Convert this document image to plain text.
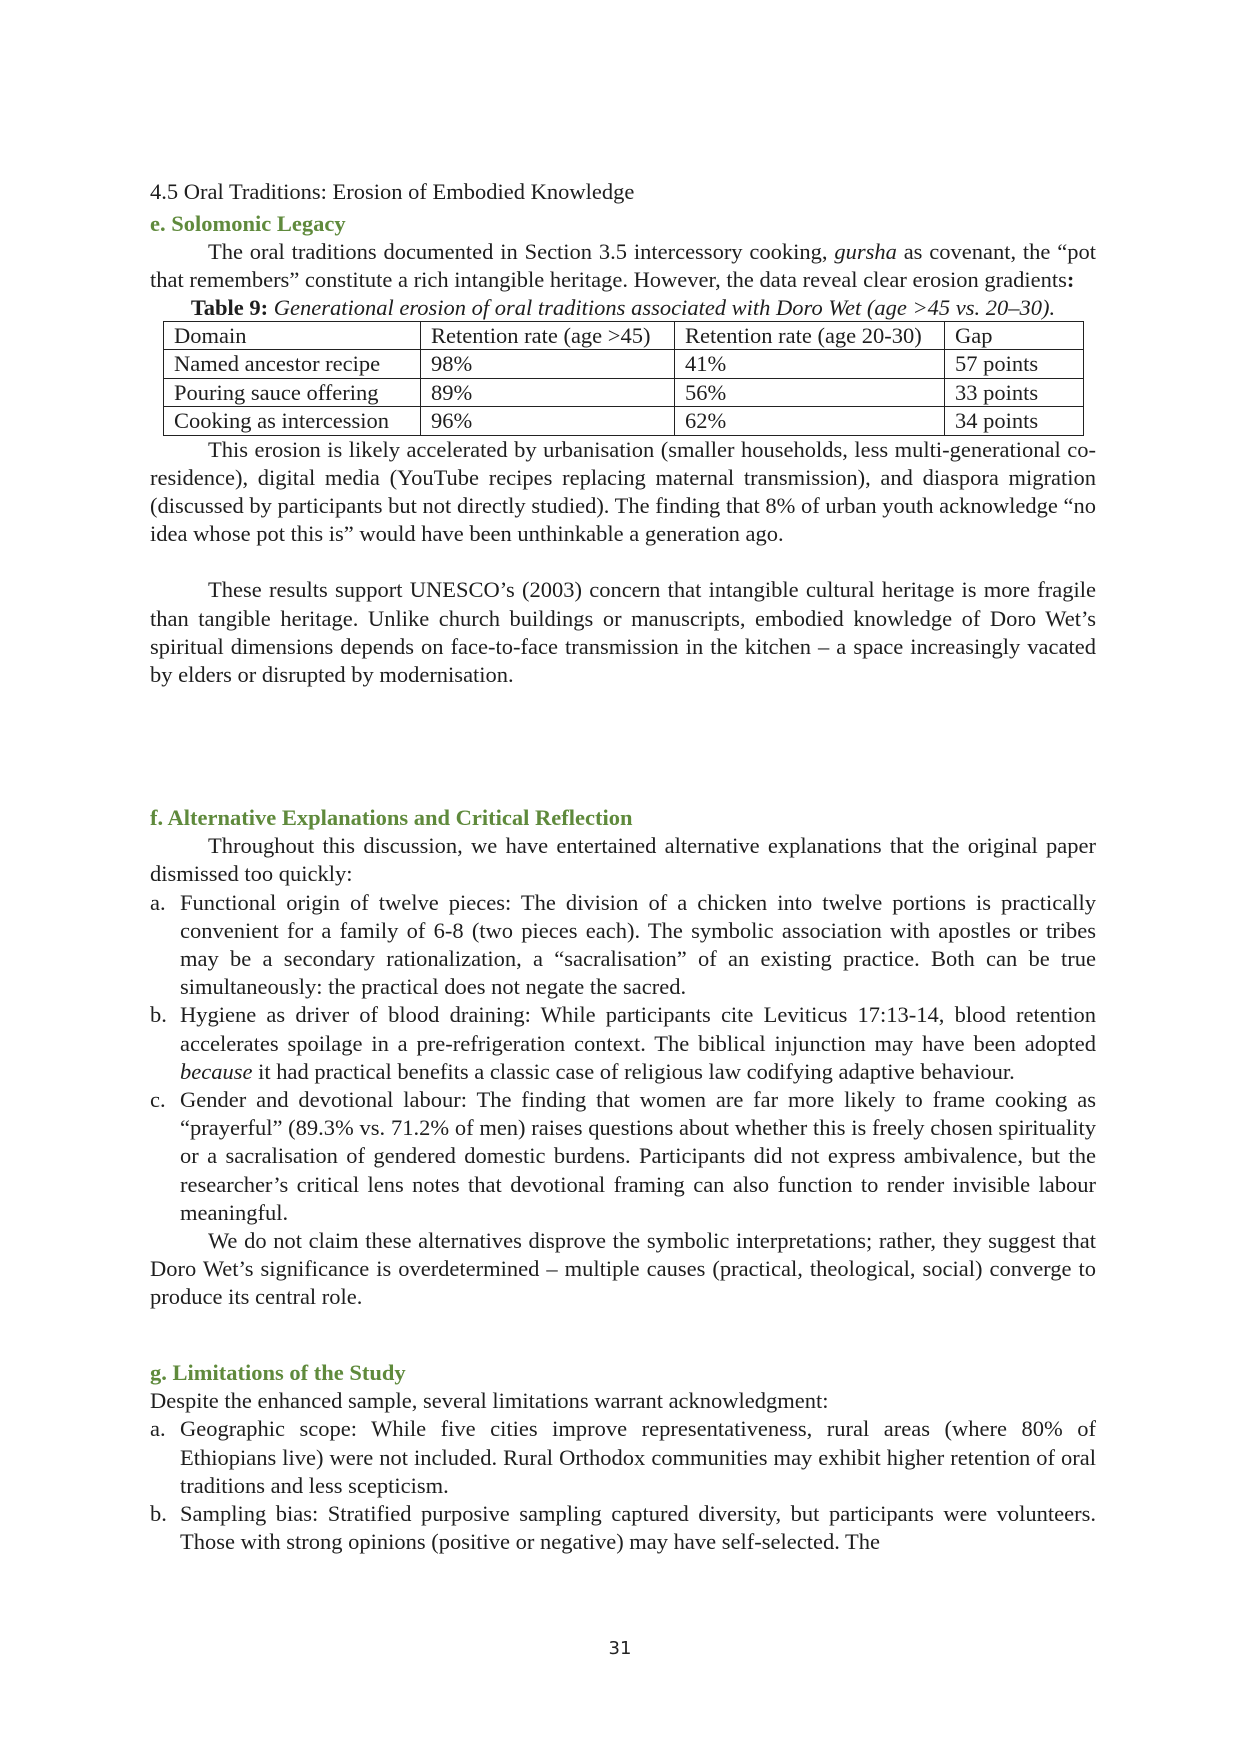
4.5 Oral Traditions: Erosion of Embodied Knowledge
e. Solomonic Legacy

The oral traditions documented in Section 3.5 intercessory cooking, gursha as covenant, the “pot that remembers” constitute a rich intangible heritage. However, the data reveal clear erosion gradients:

Table 9: Generational erosion of oral traditions associated with Doro Wet (age >45 vs. 20–30).

Domain	Retention rate (age >45)	Retention rate (age 20-30)	Gap
Named ancestor recipe	98%	41%	57 points
Pouring sauce offering	89%	56%	33 points
Cooking as intercession	96%	62%	34 points

This erosion is likely accelerated by urbanisation (smaller households, less multi-generational co-residence), digital media (YouTube recipes replacing maternal transmission), and diaspora migration (discussed by participants but not directly studied). The finding that 8% of urban youth acknowledge “no idea whose pot this is” would have been unthinkable a generation ago.

These results support UNESCO’s (2003) concern that intangible cultural heritage is more fragile than tangible heritage. Unlike church buildings or manuscripts, embodied knowledge of Doro Wet’s spiritual dimensions depends on face-to-face transmission in the kitchen – a space increasingly vacated by elders or disrupted by modernisation.

f. Alternative Explanations and Critical Reflection

Throughout this discussion, we have entertained alternative explanations that the original paper dismissed too quickly:

a. Functional origin of twelve pieces: The division of a chicken into twelve portions is practically convenient for a family of 6-8 (two pieces each). The symbolic association with apostles or tribes may be a secondary rationalization, a “sacralisation” of an existing practice. Both can be true simultaneously: the practical does not negate the sacred.
b. Hygiene as driver of blood draining: While participants cite Leviticus 17:13-14, blood retention accelerates spoilage in a pre-refrigeration context. The biblical injunction may have been adopted because it had practical benefits a classic case of religious law codifying adaptive behaviour.
c. Gender and devotional labour: The finding that women are far more likely to frame cooking as “prayerful” (89.3% vs. 71.2% of men) raises questions about whether this is freely chosen spirituality or a sacralisation of gendered domestic burdens. Participants did not express ambivalence, but the researcher’s critical lens notes that devotional framing can also function to render invisible labour meaningful.

We do not claim these alternatives disprove the symbolic interpretations; rather, they suggest that Doro Wet’s significance is overdetermined – multiple causes (practical, theological, social) converge to produce its central role.

g. Limitations of the Study

Despite the enhanced sample, several limitations warrant acknowledgment:

a. Geographic scope: While five cities improve representativeness, rural areas (where 80% of Ethiopians live) were not included. Rural Orthodox communities may exhibit higher retention of oral traditions and less scepticism.
b. Sampling bias: Stratified purposive sampling captured diversity, but participants were volunteers. Those with strong opinions (positive or negative) may have self-selected. The
31
